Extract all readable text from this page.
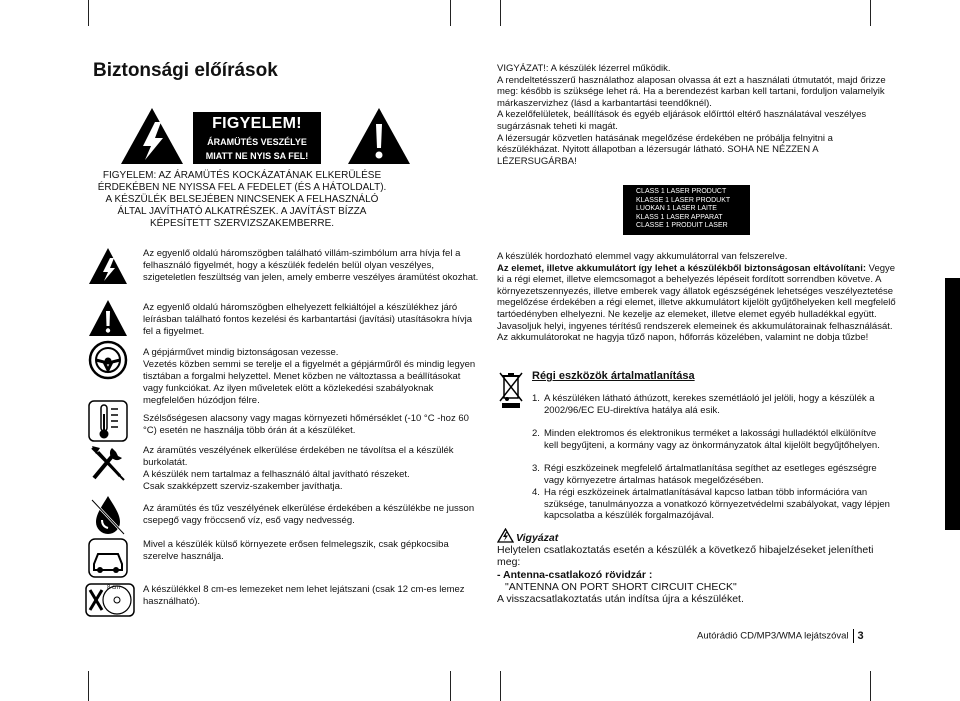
Biztonsági előírások
FIGYELEM!
ÁRAMÜTÉS VESZÉLYE
MIATT NE NYIS SA FEL!
FIGYELEM: AZ ÁRAMÜTÉS KOCKÁZATÁNAK ELKERÜLÉSE
ÉRDEKÉBEN NE NYISSA FEL A FEDELET (ÉS A HÁTOLDALT).
A KÉSZÜLÉK BELSEJÉBEN NINCSENEK A FELHASZNÁLÓ
ÁLTAL JAVÍTHATÓ ALKATRÉSZEK. A JAVÍTÁST BÍZZA
KÉPESÍTETT SZERVIZSZAKEMBERRE.
8 cm
Az egyenlő oldalú háromszögben található villám-szimbólum arra hívja fel a felhasználó figyelmét, hogy a készülék fedelén belül olyan veszélyes, szigeteletlen feszültség van jelen, amely emberre veszélyes áramütést okozhat.
Az egyenlő oldalú háromszögben elhelyezett felkiáltójel a készülékhez járó leírásban található fontos kezelési és karbantartási (javítási) utasításokra hívja fel a figyelmet.
A gépjárművet mindig biztonságosan vezesse.
Vezetés közben semmi se terelje el a figyelmét a gépjárműről és mindig legyen tisztában a forgalmi helyzettel. Menet közben ne változtassa a beállításokat vagy funkciókat. Az ilyen műveletek elött a közlekedési szabályoknak megfelelően húzódjon félre.
Szélsőségesen alacsony vagy magas környezeti hőmérséklet (-10 °C -hoz 60 °C) esetén ne használja több órán át a készüléket.
Az áramütés veszélyének elkerülése érdekében ne távolítsa el a készülék burkolatát.
A készülék nem tartalmaz a felhasználó által javítható részeket.
Csak szakképzett szerviz-szakember javíthatja.
Az áramütés és tűz veszélyének elkerülése érdekében a készülékbe ne jusson csepegő vagy fröccsenő víz, eső vagy nedvesség.
Mivel a készülék külső környezete erősen felmelegszik, csak gépkocsiba szerelve használja.
A készülékkel 8 cm-es lemezeket nem lehet lejátszani (csak 12 cm-es lemez használható).
VIGYÁZAT!: A készülék lézerrel működik.
A rendeltetésszerű használathoz alaposan olvassa át ezt a használati útmutatót, majd őrizze meg: később is szüksége lehet rá. Ha a berendezést karban kell tartani, forduljon valamelyik márkaszervizhez (lásd a karbantartási teendőknél).
A kezelőfelületek, beállítások és egyéb eljárások előírttól eltérő használatával veszélyes sugárzásnak teheti ki magát.
A lézersugár közvetlen hatásának megelőzése érdekében ne próbálja felnyitni a készülékházat. Nyitott állapotban a lézersugár látható. SOHA NE NÉZZEN A LÉZERSUGÁRBA!
CLASS 1 LASER PRODUCT
KLASSE 1 LASER PRODUKT
LUOKAN 1 LASER LAITE
KLASS 1 LASER APPARAT
CLASSE 1 PRODUIT LASER
A készülék hordozható elemmel vagy akkumulátorral van felszerelve.
Az elemet, illetve akkumulátort így lehet a készülékből biztonságosan eltávolítani: Vegye ki a régi elemet, illetve elemcsomagot a behelyezés lépéseit fordított sorrendben követve. A környezetszennyezés, illetve emberek vagy állatok egészségének lehetséges veszélyeztetése megelőzése érdekében a régi elemet, illetve akkumulátort kijelölt gyűjtőhelyeken kell megfelelő tartóedényben elhelyezni. Ne kezelje az elemeket, illetve elemet egyéb hulladékkal együtt. Javasoljuk helyi, ingyenes térítésű rendszerek elemeinek és akkumulátorainak felhasználását.
Az akkumulátorokat ne hagyja tűző napon, hőforrás közelében, valamint ne dobja tűzbe!
Régi eszközök ártalmatlanítása
1. A készüléken látható áthúzott, kerekes szemétláoló jel jelöli, hogy a készülék a 2002/96/EC EU-direktíva hatálya alá esik.
2. Minden elektromos és elektronikus terméket a lakossági hulladéktól elkülönítve kell begyűjteni, a kormány vagy az önkormányzatok által kijelölt begyűjtőhelyen.
3. Régi eszközeinek megfelelő ártalmatlanítása segíthet az esetleges egészségre vagy környezetre ártalmas hatások megelőzésében.
4. Ha régi eszközeinek ártalmatlanításával kapcso latban több információra van szüksége, tanulmányozza a vonatkozó környezetvédelmi szabályokat, vagy lépjen kapcsolatba a készülék forgalmazójával.
Vigyázat
Helytelen csatlakoztatás esetén a készülék a következő hibajelzéseket jelenítheti meg:
- Antenna-csatlakozó rövidzár :
"ANTENNA ON PORT SHORT CIRCUIT CHECK"
A visszacsatlakoztatás után indítsa újra a készüléket.
Autórádió CD/MP3/WMA lejátszóval 3
